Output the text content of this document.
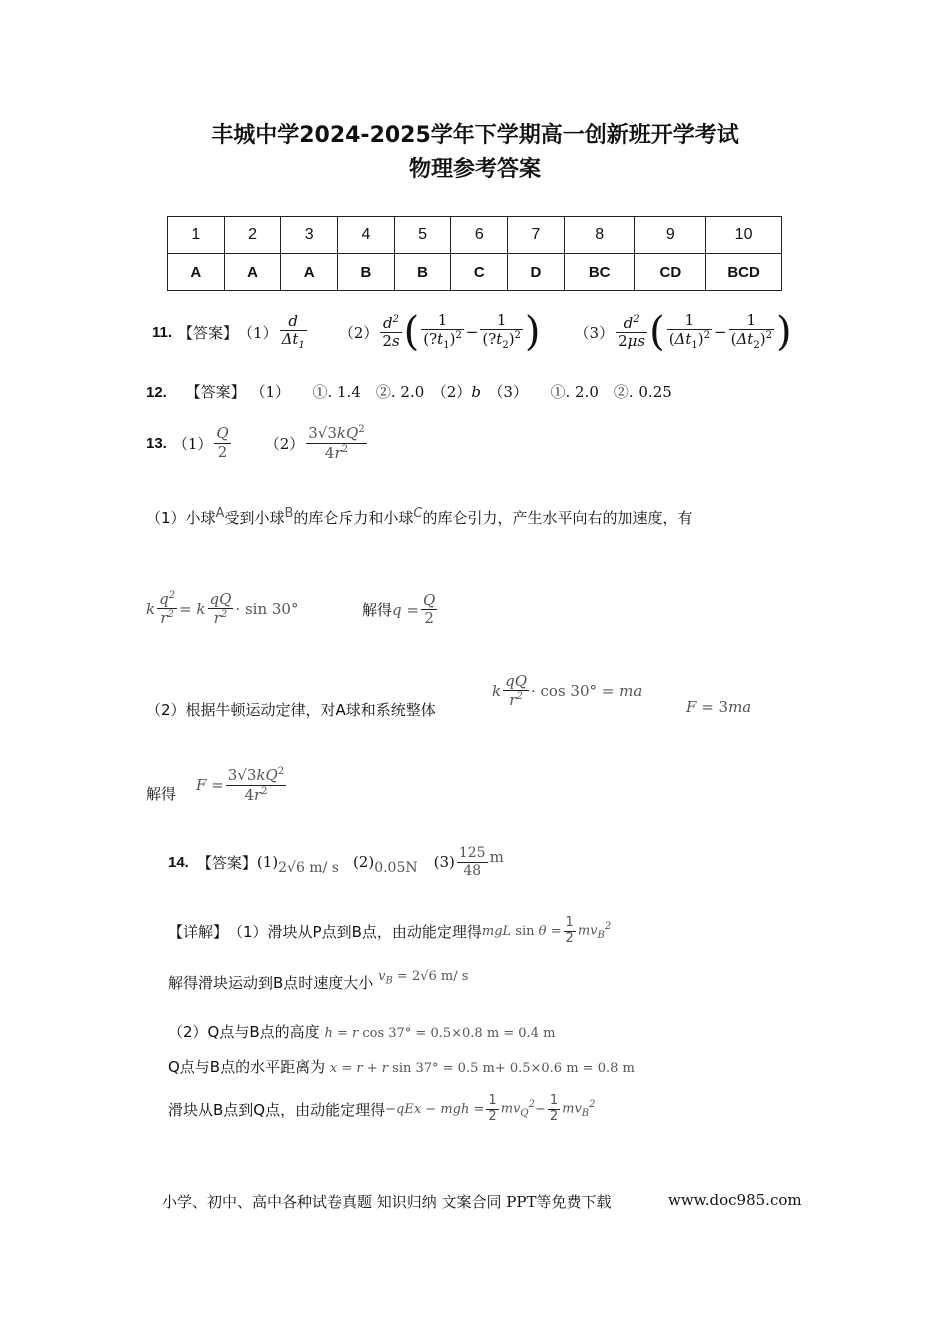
丰城中学2024-2025学年下学期高一创新班开学考试
物理参考答案
1	2	3	4	5	6	7	8	9	10
A	A	A	B	B	C	D	BC	CD	BCD
11. 【答案】 $(1) \frac{d}{\Delta t_1} (2) \frac{d^2}{2s}$ ( $\frac{1}{(?t_1)^2} - \frac{1}{(?t_2)^2}$ ) $(3) \frac{d^2}{2\mu s}$ ( $\frac{1}{(\Delta t_1)^2} - \frac{1}{(\Delta t_2)^2}$ )
12. 【答案】 （1）　　①. 1.4　②. 2.0　（2）b　（3）　　①. 2.0　②. 0.25
13. $(1) \frac{Q}{2} (2) \frac{3√3kQ^2}{4r^2}$
（1）小球$^A$受到小球$^B$的库仑斥力和小球$^C$的库仑引力，产生水平向右的加速度，有
k $\frac{q^2}{r^2} = k \frac{qQ}{r^2} \cdot \sin 30^\circ$	解得 $q = \frac{Q}{2}$
（2）根据牛顿运动定律，对A球和系统整体
k $\frac{qQ}{r^2} \cdot \cos 30^\circ$ = ma
F = 3ma
解得 $F = \frac{3√3kQ^2}{4r^2}$
14. 【答案】 (1) 2√6 m/ s (2) 0.05N $(3) \frac{125}{48}$ m
【详解】 （1）滑块从P点到B点，由动能定理得 mgL $\sin \theta = \frac{1}{2} mv_B^2$
解得滑块运动到B点时速度大小 $v_B = 2√6$ m/ s
（2）Q点与B点的高度 h = r cos 37° = 0.5×0.8 m = 0.4 m
Q点与B点的水平距离为 x = r + r sin 37° = 0.5 m+ 0.5×0.6 m = 0.8 m
滑块从B点到Q点，由动能定理得 −qEx − mgh = $\frac{1}{2} mv_Q^2 - \frac{1}{2} mv_B^2$
小学、初中、高中各种试卷真题 知识归纳 文案合同 PPT等免费下载	www.doc985.com
